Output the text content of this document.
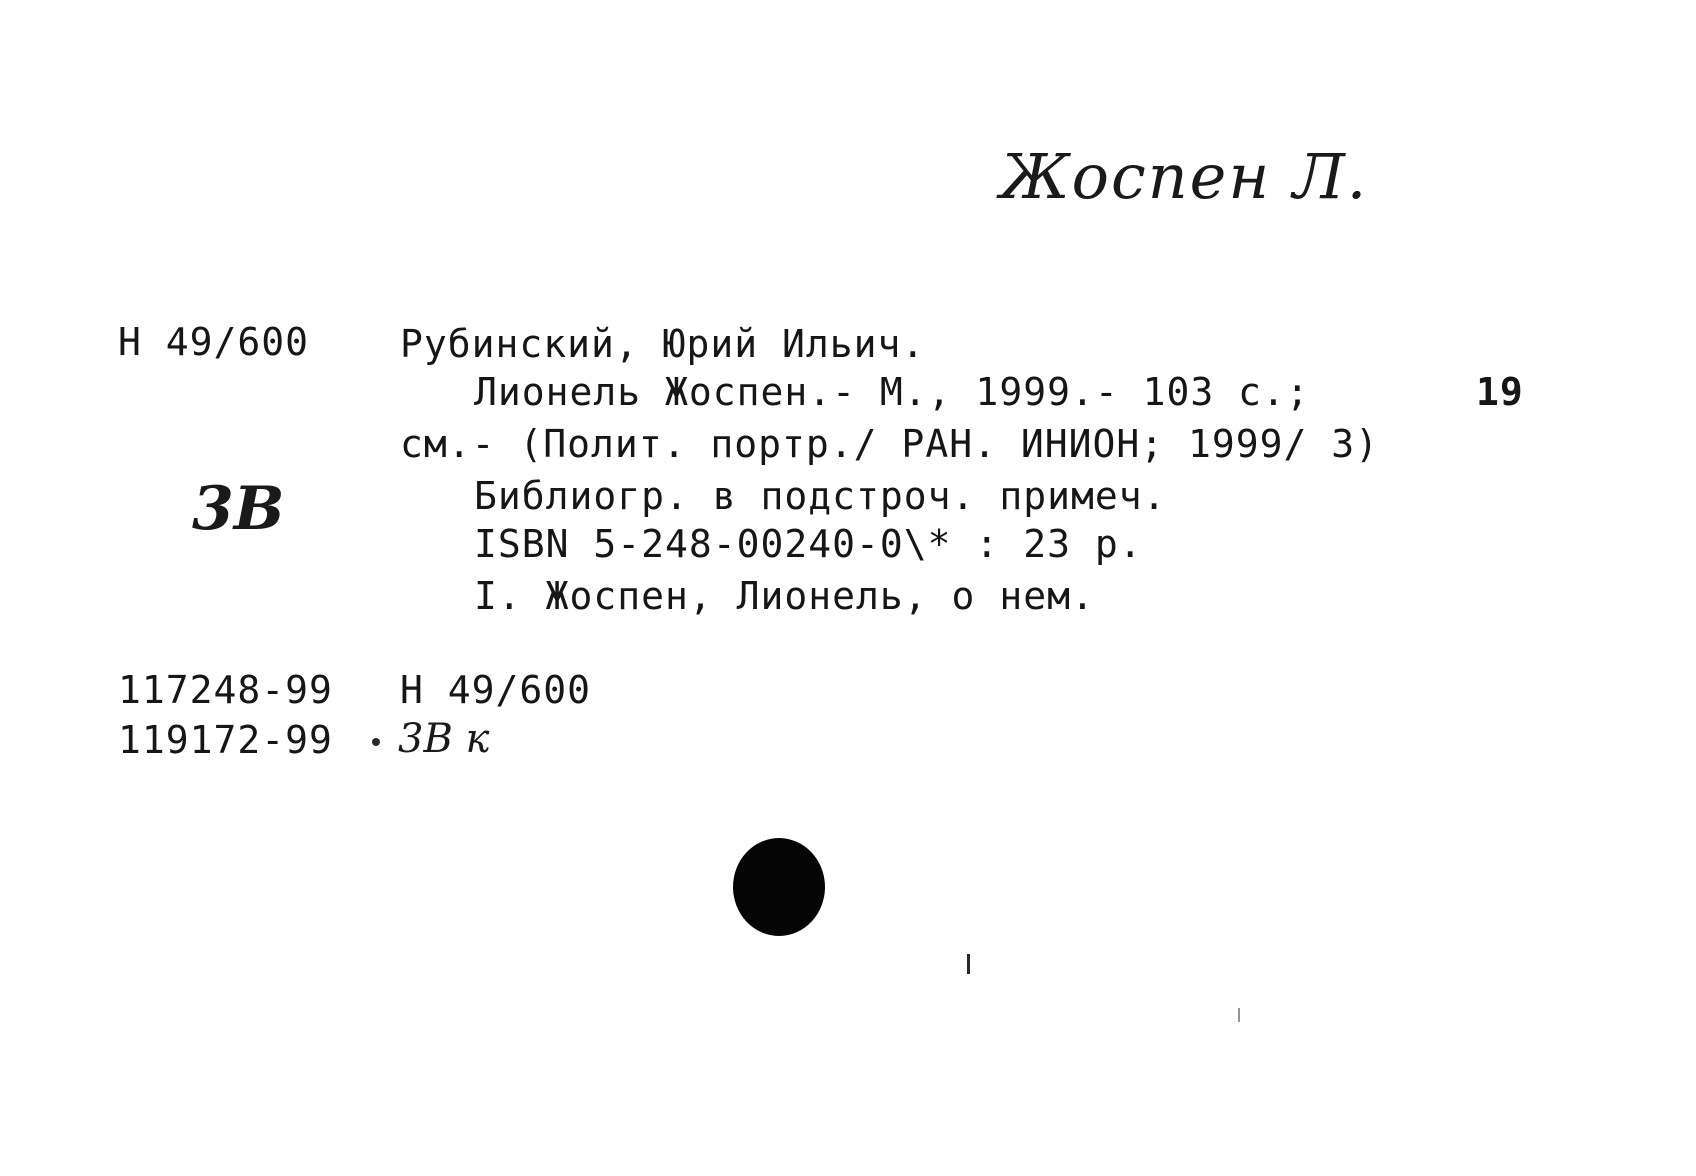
Жоспен Л.
Н 49/600 Рубинский, Юрий Ильич.
Лионель Жоспен.- М., 1999.- 103 с.;	19
см.- (Полит. портр./ РАН. ИНИОН; 1999/ 3)
3В	Библиогр. в подстроч. примеч.
ISBN 5-248-00240-0\* : 23 р.
I. Жоспен, Лионель, о нем.
117248-99 Н 49/600
119172-99 3В к
